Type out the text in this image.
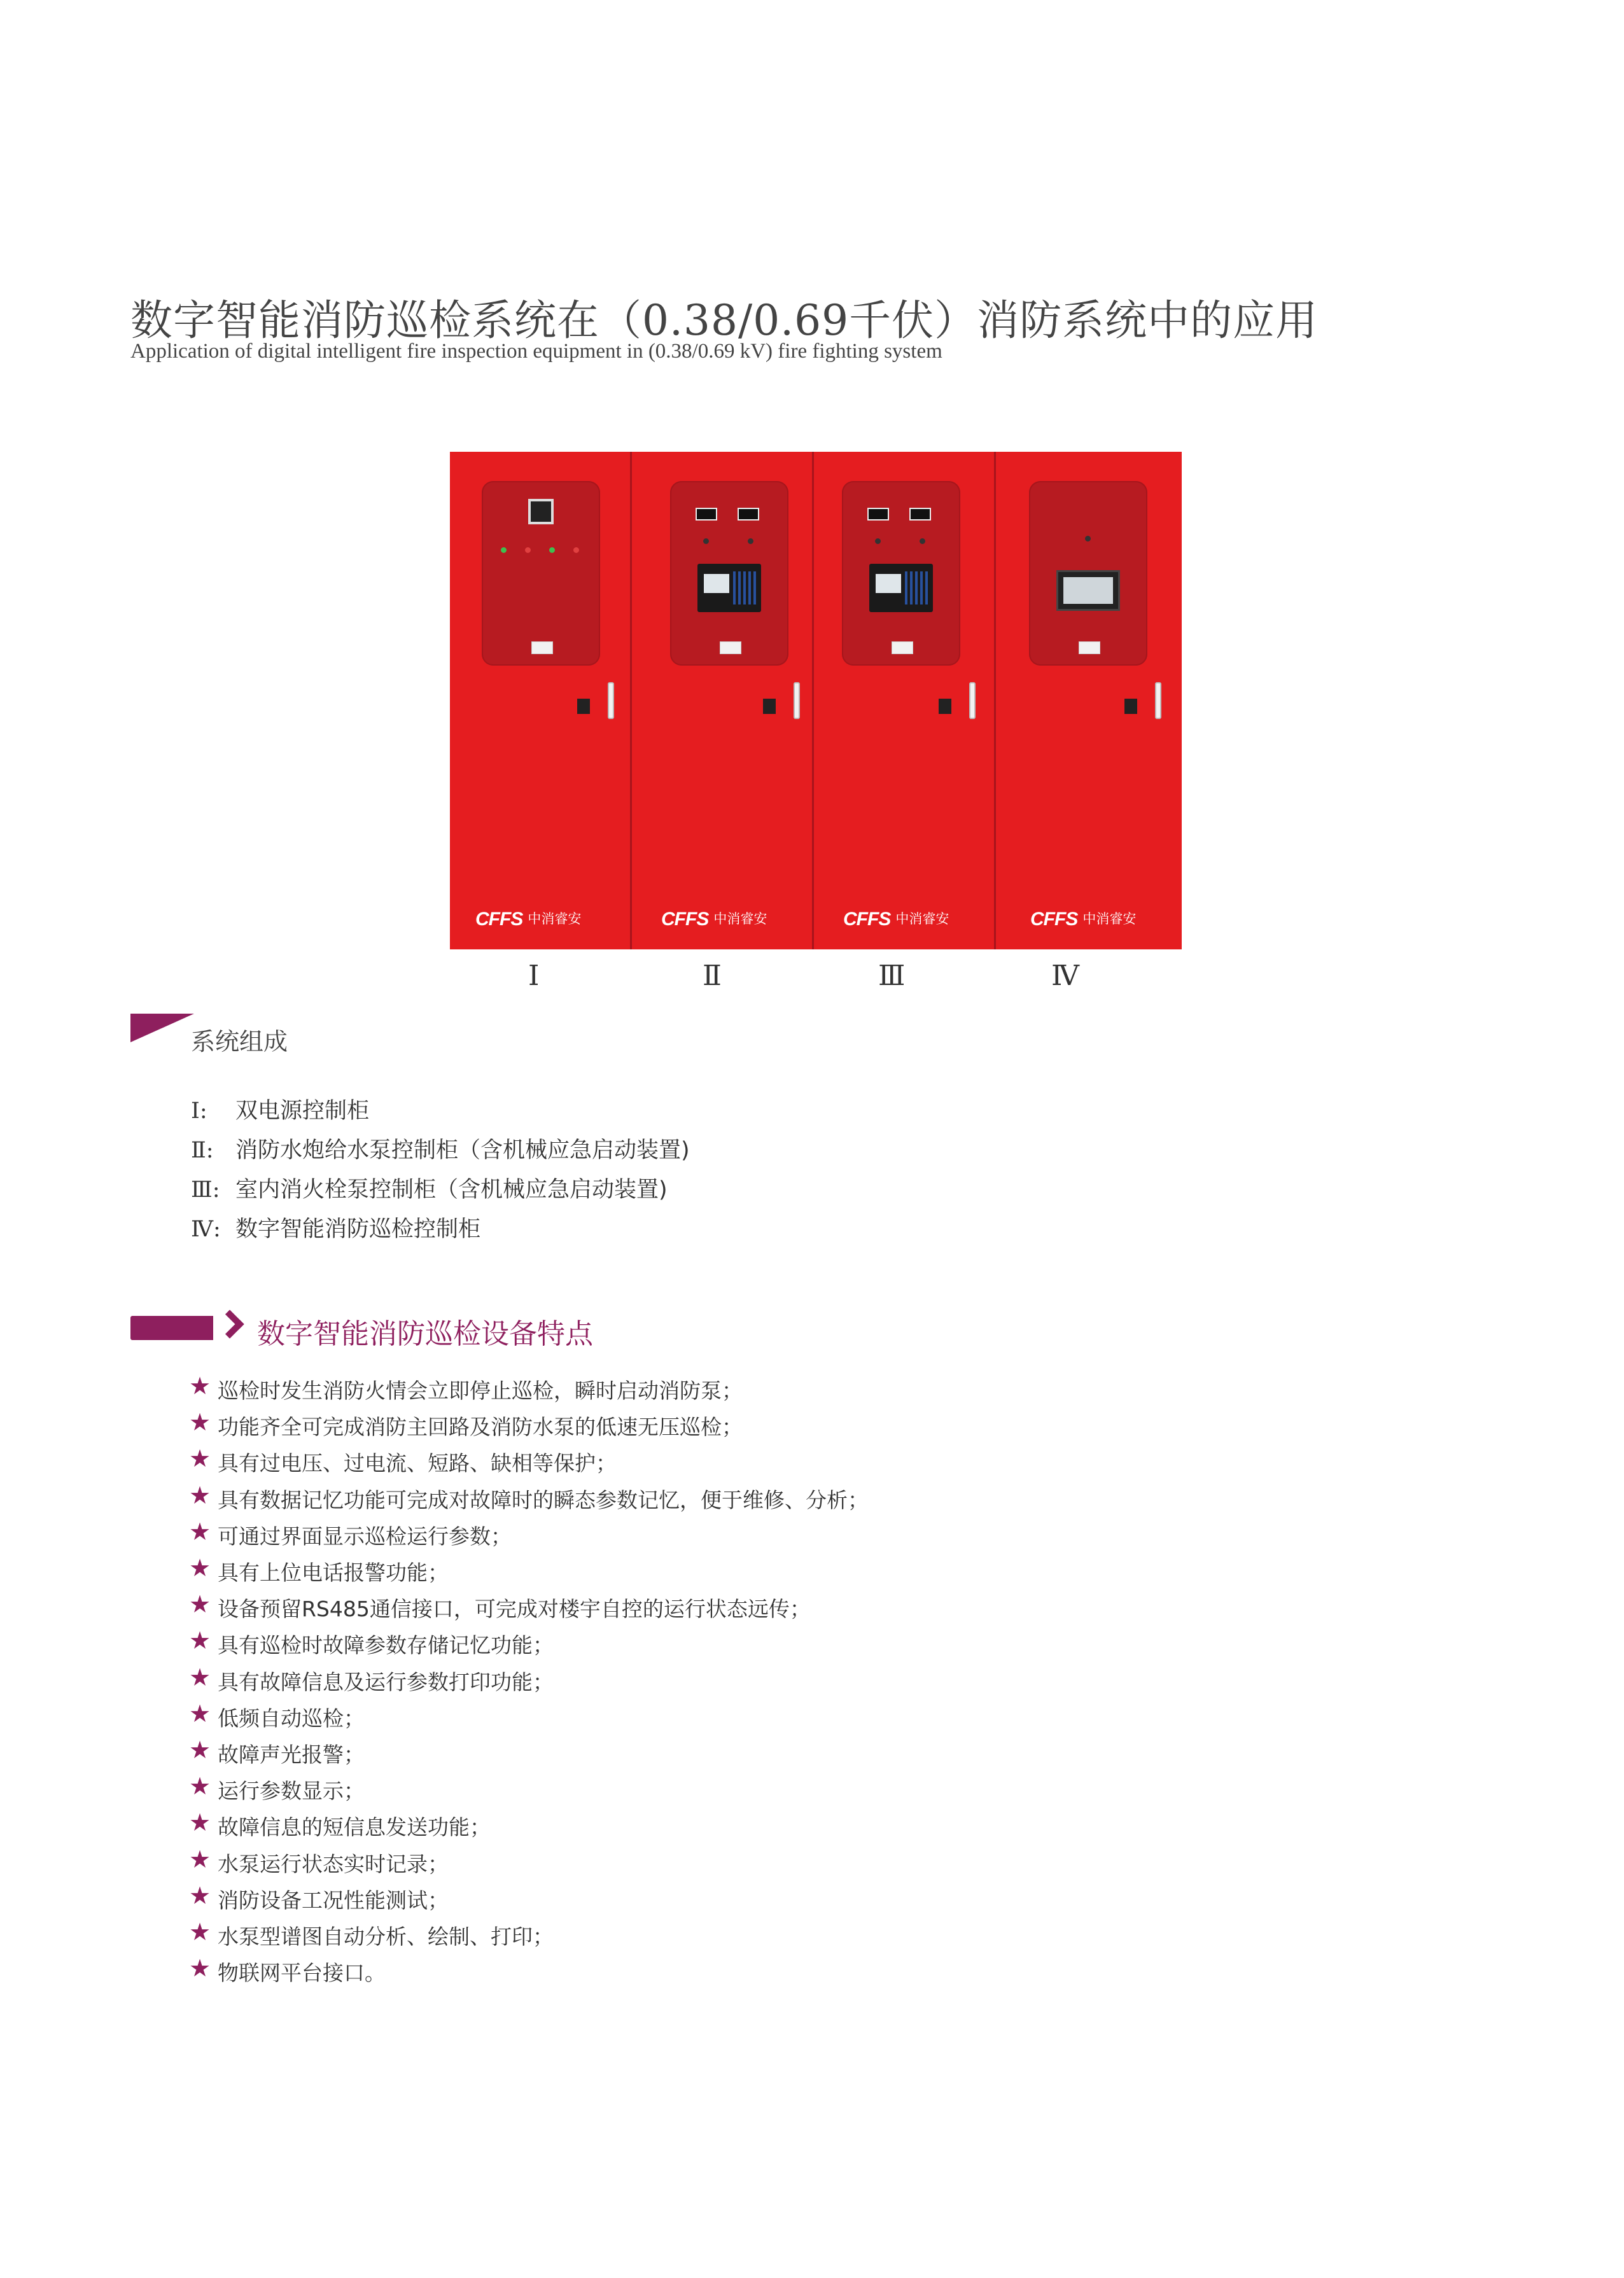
数字智能消防巡检系统在（0.38/0.69千伏）消防系统中的应用
Application of digital intelligent fire inspection equipment in (0.38/0.69 kV) fire fighting system
CFFS 中消睿安	CFFS 中消睿安	CFFS 中消睿安	CFFS 中消睿安
Ⅰ	Ⅱ	Ⅲ	Ⅳ
系统组成
Ⅰ: 双电源控制柜
Ⅱ: 消防水炮给水泵控制柜（含机械应急启动装置)
Ⅲ: 室内消火栓泵控制柜（含机械应急启动装置)
Ⅳ: 数字智能消防巡检控制柜
数字智能消防巡检设备特点
★ 巡检时发生消防火情会立即停止巡检，瞬时启动消防泵；
★ 功能齐全可完成消防主回路及消防水泵的低速无压巡检；
★ 具有过电压、过电流、短路、缺相等保护；
★ 具有数据记忆功能可完成对故障时的瞬态参数记忆，便于维修、分析；
★ 可通过界面显示巡检运行参数；
★ 具有上位电话报警功能；
★ 设备预留RS485通信接口，可完成对楼宇自控的运行状态远传；
★ 具有巡检时故障参数存储记忆功能；
★ 具有故障信息及运行参数打印功能；
★ 低频自动巡检；
★ 故障声光报警；
★ 运行参数显示；
★ 故障信息的短信息发送功能；
★ 水泵运行状态实时记录；
★ 消防设备工况性能测试；
★ 水泵型谱图自动分析、绘制、打印；
★ 物联网平台接口。
